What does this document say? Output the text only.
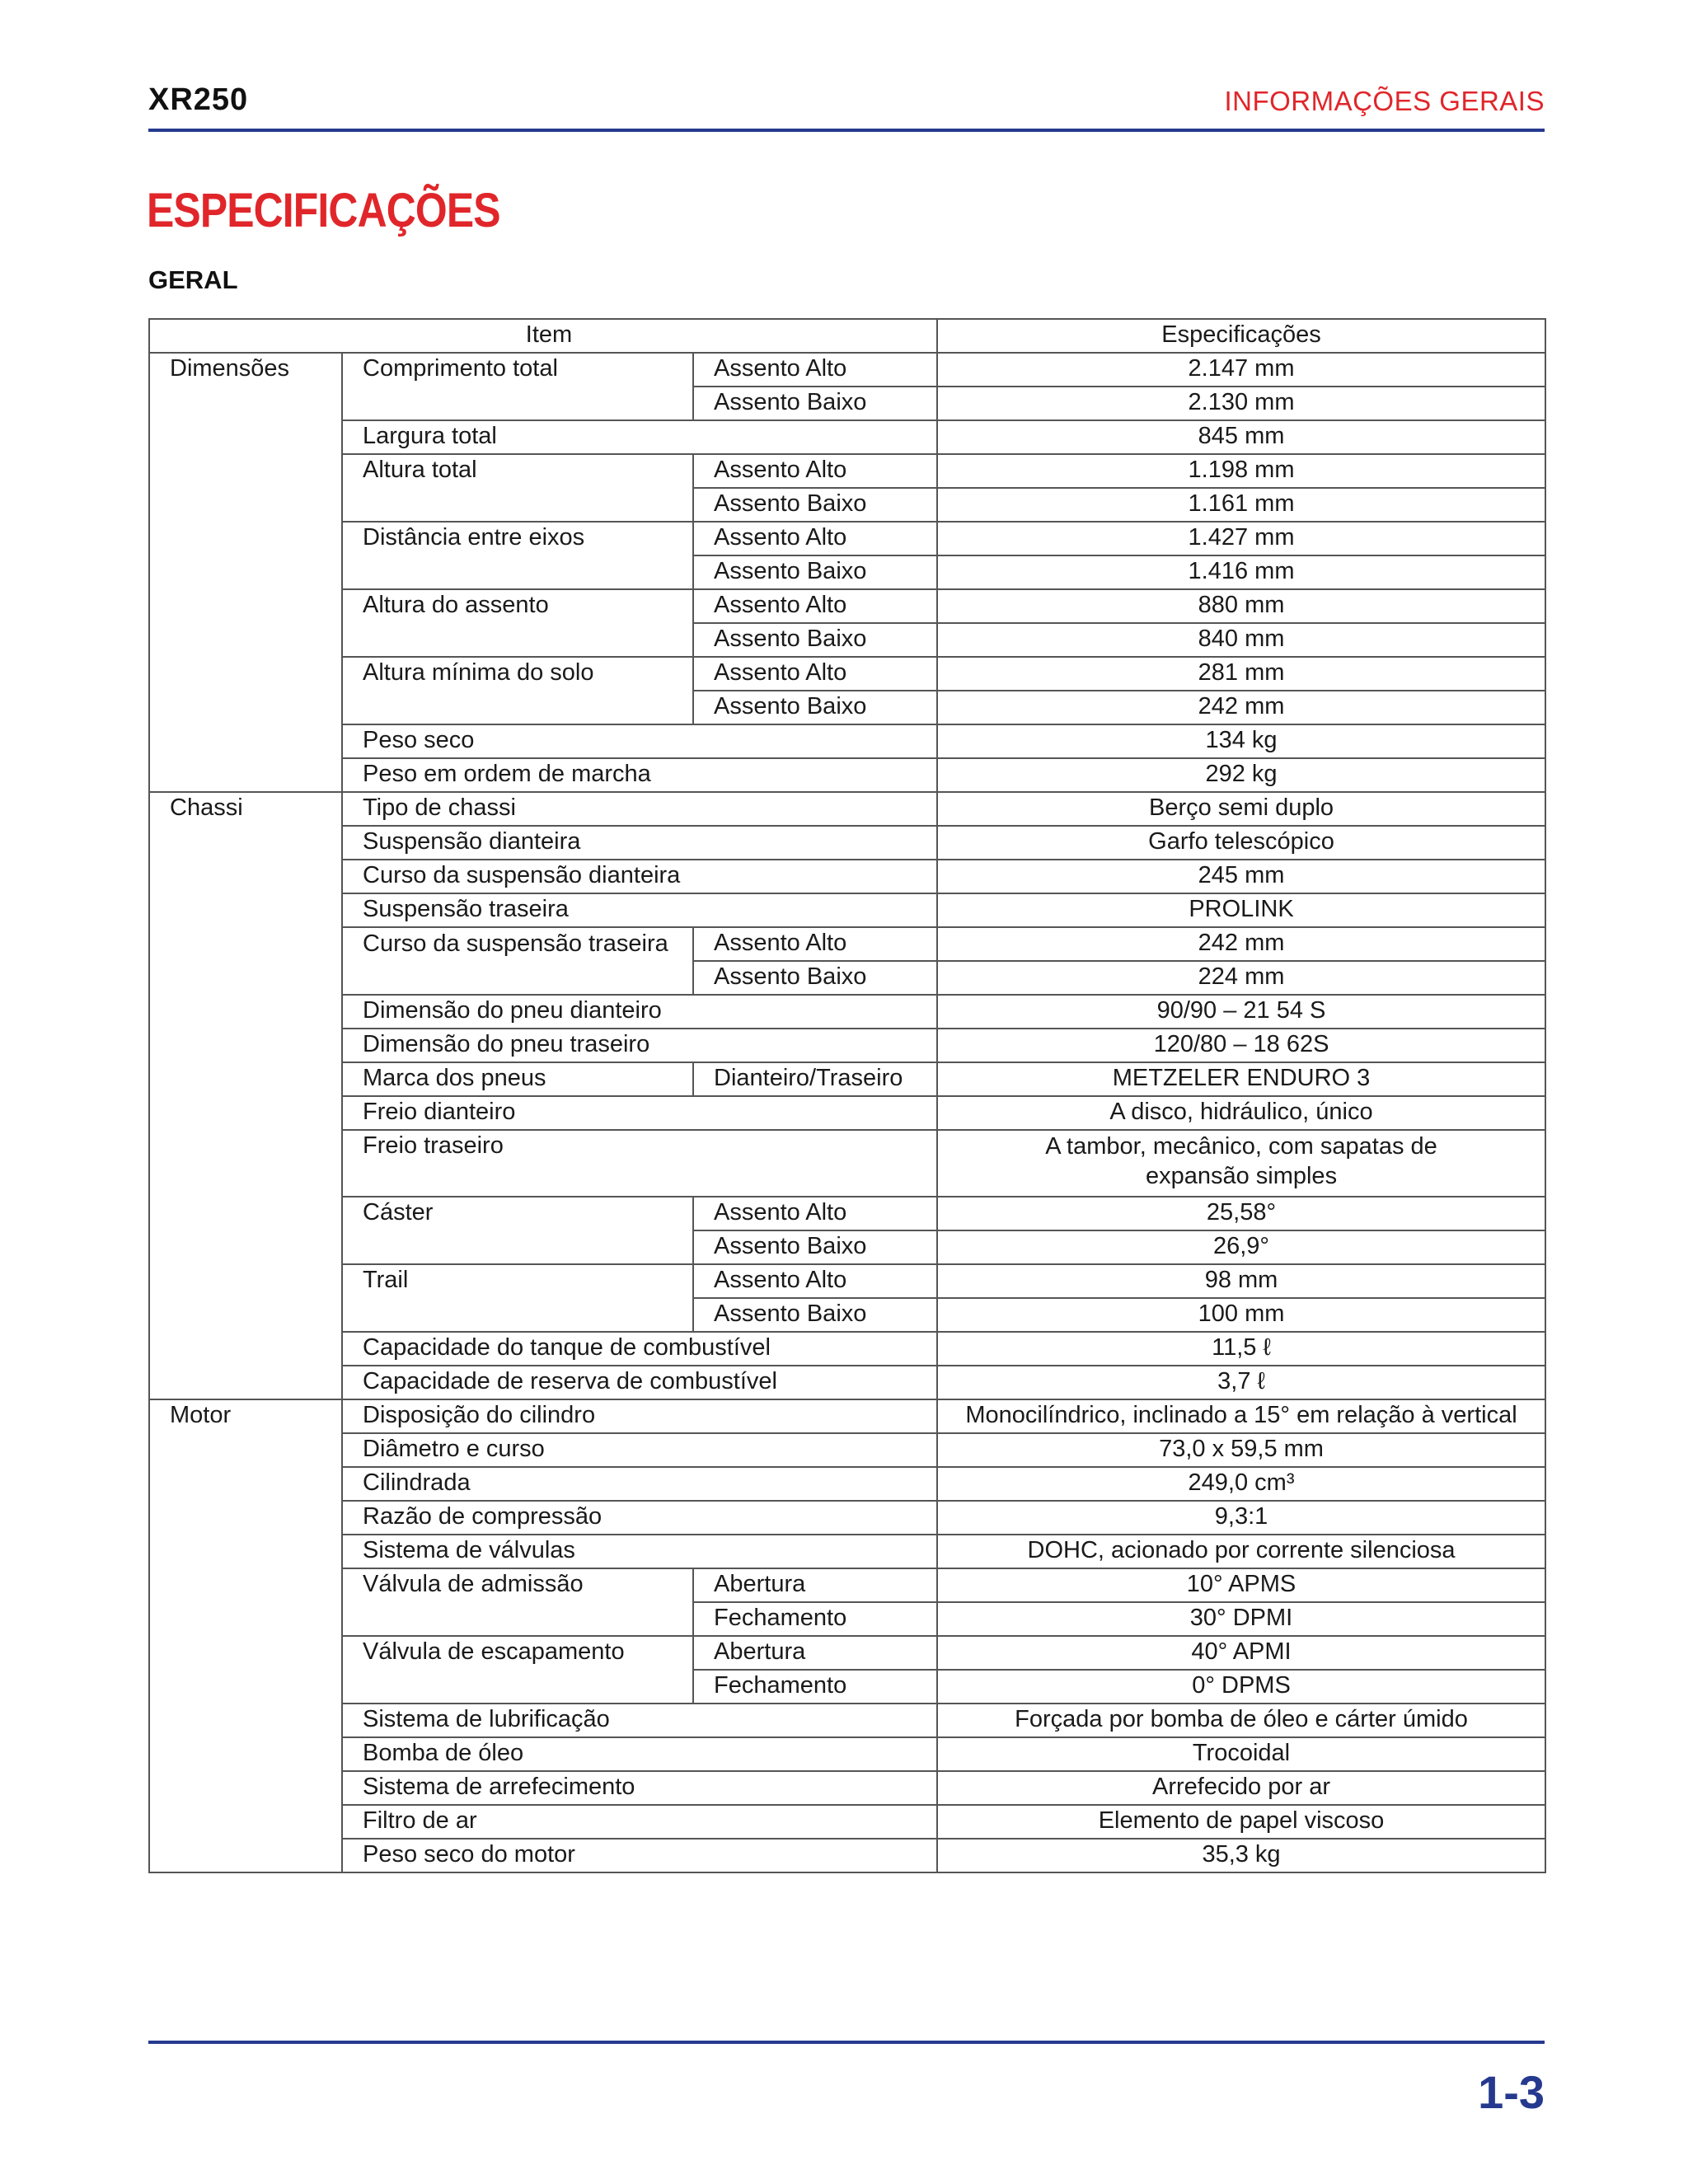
XR250	INFORMAÇÕES GERAIS
ESPECIFICAÇÕES
GERAL
Item			Especificações
Dimensões	Comprimento total	Assento Alto	2.147 mm
		Assento Baixo	2.130 mm
	Largura total		845 mm
	Altura total	Assento Alto	1.198 mm
		Assento Baixo	1.161 mm
	Distância entre eixos	Assento Alto	1.427 mm
		Assento Baixo	1.416 mm
	Altura do assento	Assento Alto	880 mm
		Assento Baixo	840 mm
	Altura mínima do solo	Assento Alto	281 mm
		Assento Baixo	242 mm
	Peso seco		134 kg
	Peso em ordem de marcha		292 kg
Chassi	Tipo de chassi		Berço semi duplo
	Suspensão dianteira		Garfo telescópico
	Curso da suspensão dianteira		245 mm
	Suspensão traseira		PROLINK
	Curso da suspensão traseira	Assento Alto	242 mm
		Assento Baixo	224 mm
	Dimensão do pneu dianteiro		90/90 – 21 54 S
	Dimensão do pneu traseiro		120/80 – 18 62S
	Marca dos pneus	Dianteiro/Traseiro	METZELER ENDURO 3
	Freio dianteiro		A disco, hidráulico, único
	Freio traseiro		A tambor, mecânico, com sapatas de expansão simples
	Cáster	Assento Alto	25,58°
		Assento Baixo	26,9°
	Trail	Assento Alto	98 mm
		Assento Baixo	100 mm
	Capacidade do tanque de combustível		11,5 ℓ
	Capacidade de reserva de combustível		3,7 ℓ
Motor	Disposição do cilindro		Monocilíndrico, inclinado a 15° em relação à vertical
	Diâmetro e curso		73,0 x 59,5 mm
	Cilindrada		249,0 cm³
	Razão de compressão		9,3:1
	Sistema de válvulas		DOHC, acionado por corrente silenciosa
	Válvula de admissão	Abertura	10° APMS
		Fechamento	30° DPMI
	Válvula de escapamento	Abertura	40° APMI
		Fechamento	0° DPMS
	Sistema de lubrificação		Forçada por bomba de óleo e cárter úmido
	Bomba de óleo		Trocoidal
	Sistema de arrefecimento		Arrefecido por ar
	Filtro de ar		Elemento de papel viscoso
	Peso seco do motor		35,3 kg
1-3
